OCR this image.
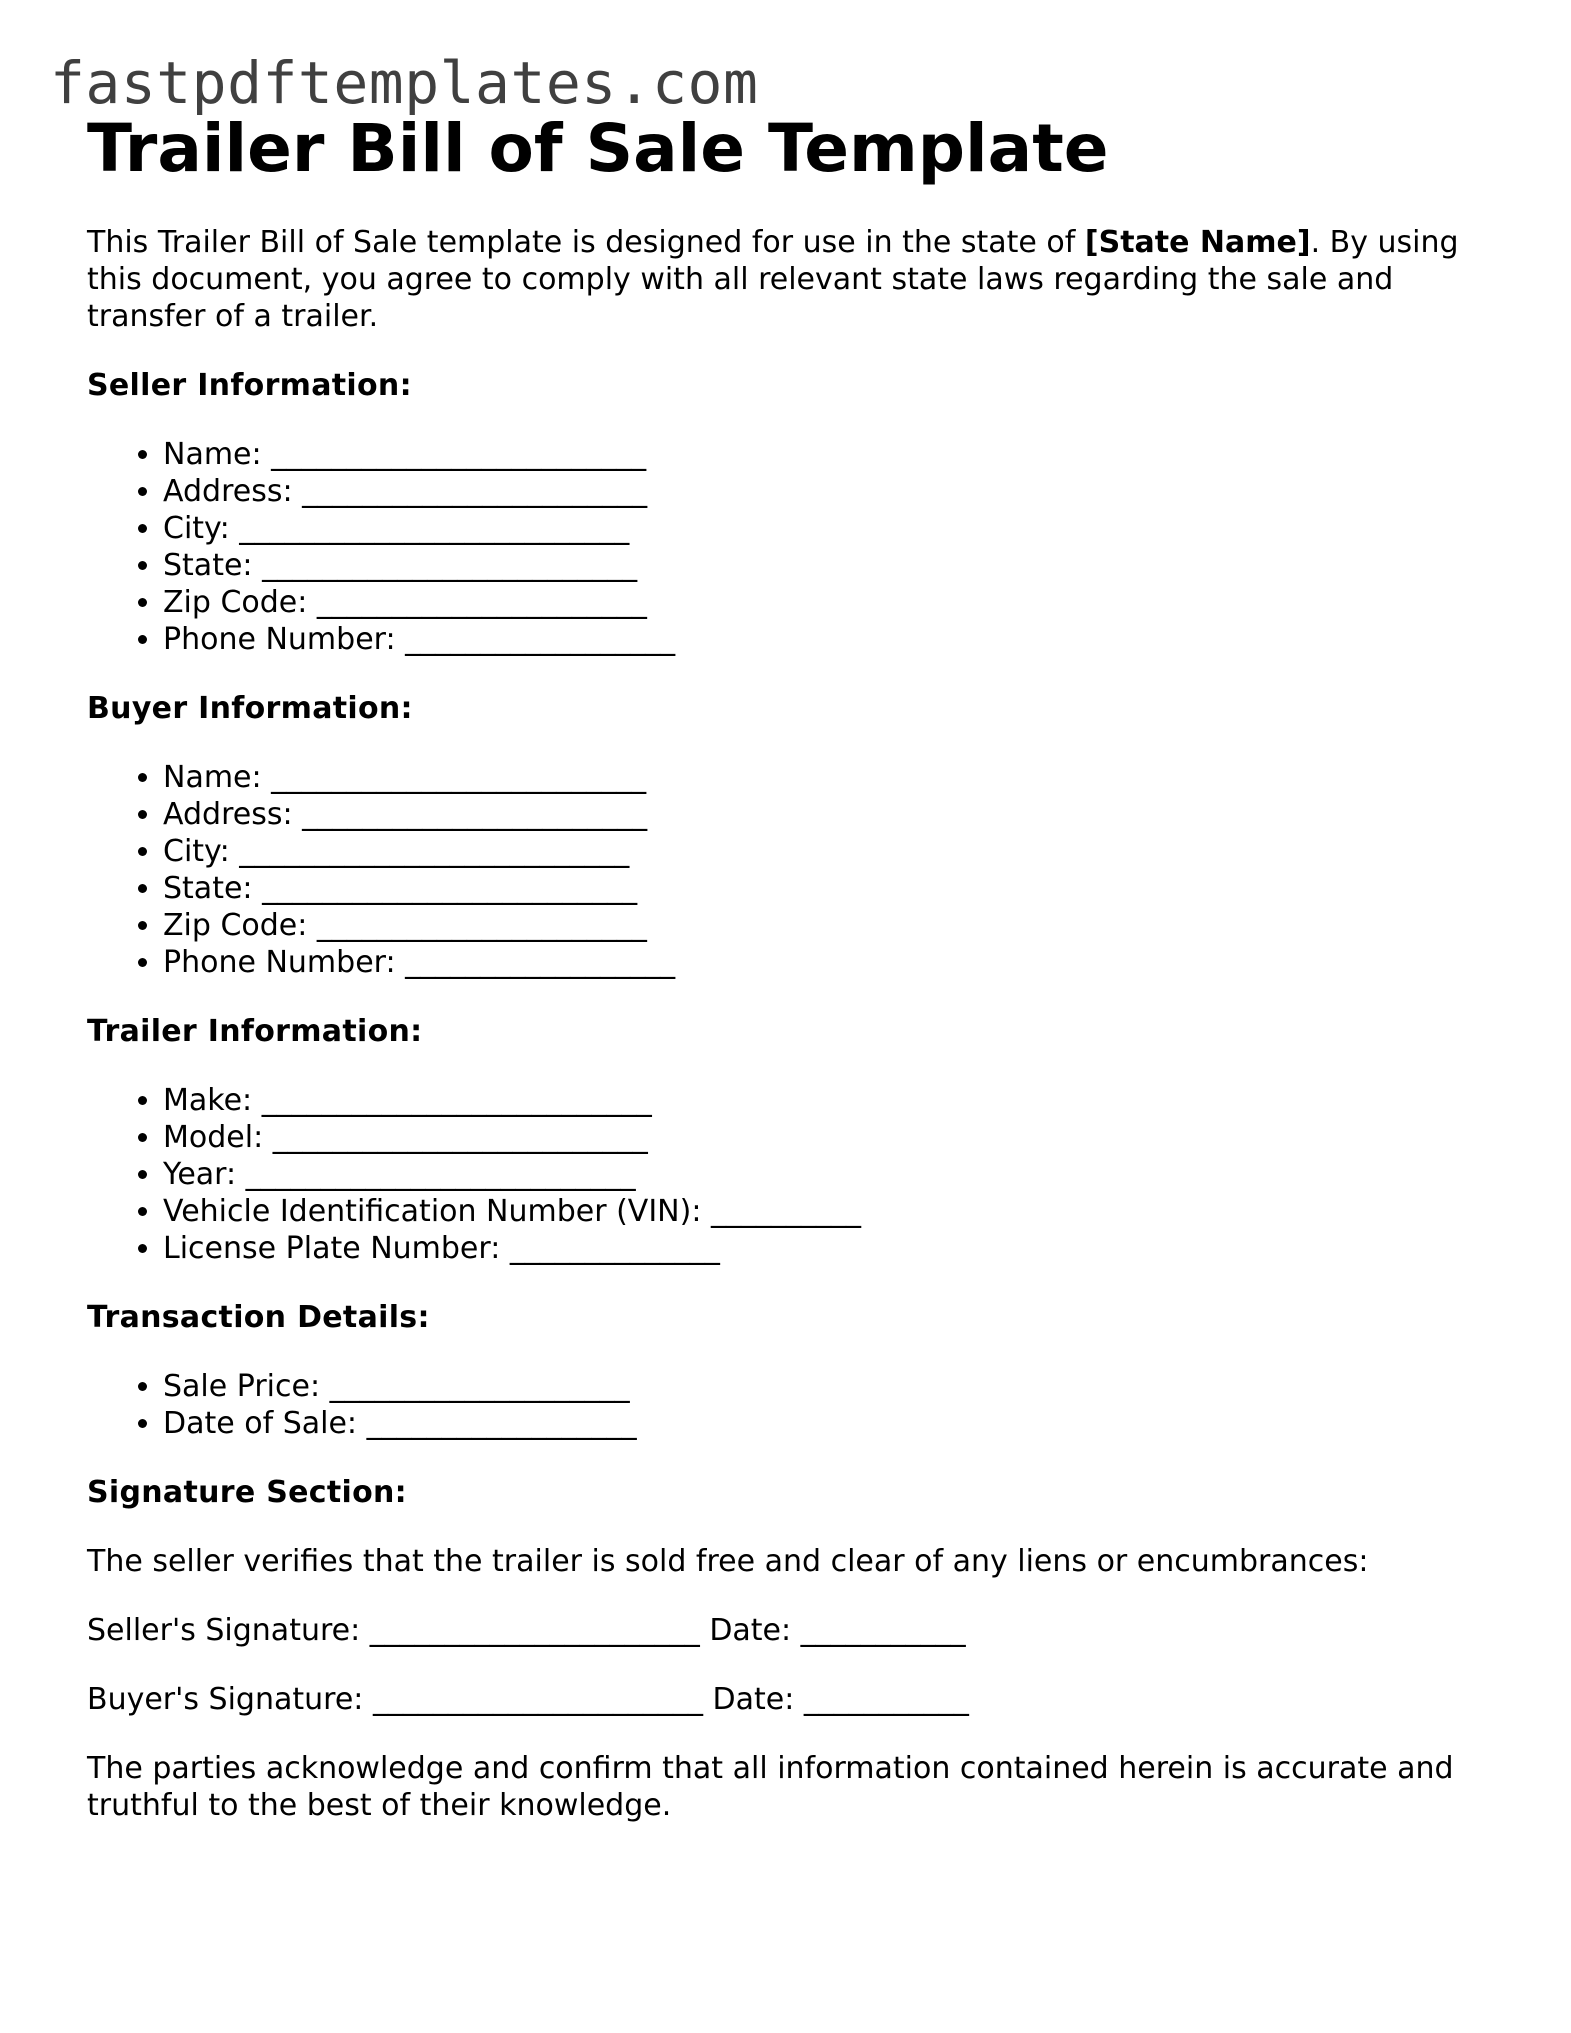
fastpdftemplates.com
Trailer Bill of Sale Template

This Trailer Bill of Sale template is designed for use in the state of [State Name]. By using this document, you agree to comply with all relevant state laws regarding the sale and transfer of a trailer.

Seller Information:
• Name: _________________________
• Address: _______________________
• City: __________________________
• State: _________________________
• Zip Code: ______________________
• Phone Number: __________________
Buyer Information:
• Name: _________________________
• Address: _______________________
• City: __________________________
• State: _________________________
• Zip Code: ______________________
• Phone Number: __________________
Trailer Information:
• Make: __________________________
• Model: _________________________
• Year: __________________________
• Vehicle Identification Number (VIN): __________
• License Plate Number: ______________
Transaction Details:
• Sale Price: ____________________
• Date of Sale: __________________
Signature Section:

The seller verifies that the trailer is sold free and clear of any liens or encumbrances:

Seller's Signature: ______________________ Date: ___________

Buyer's Signature: ______________________ Date: ___________

The parties acknowledge and confirm that all information contained herein is accurate and truthful to the best of their knowledge.
